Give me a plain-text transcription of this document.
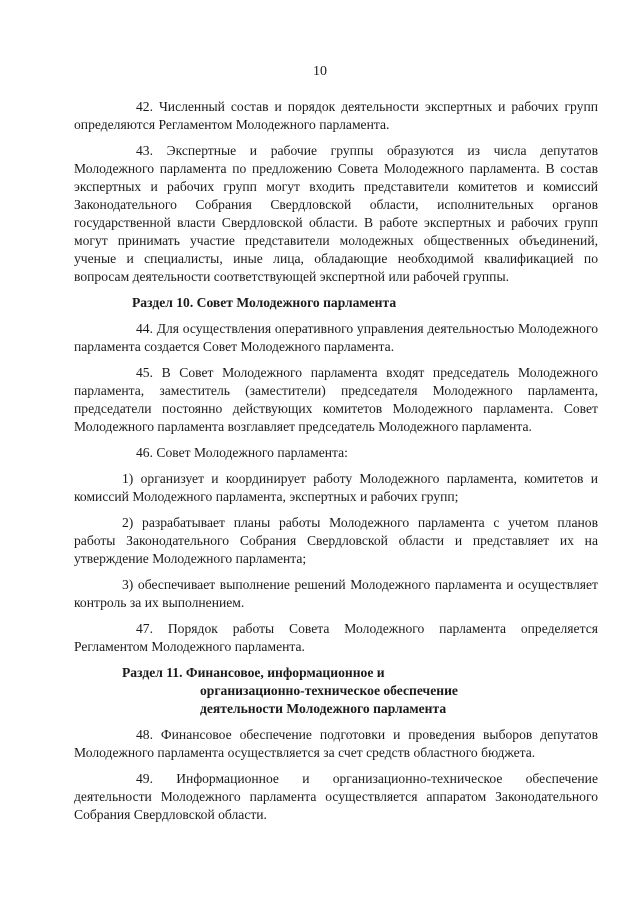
10

42. Численный состав и порядок деятельности экспертных и рабочих групп определяются Регламентом Молодежного парламента.

43. Экспертные и рабочие группы образуются из числа депутатов Молодежного парламента по предложению Совета Молодежного парламента. В состав экспертных и рабочих групп могут входить представители комитетов и комиссий Законодательного Собрания Свердловской области, исполнительных органов государственной власти Свердловской области. В работе экспертных и рабочих групп могут принимать участие представители молодежных общественных объединений, ученые и специалисты, иные лица, обладающие необходимой квалификацией по вопросам деятельности соответствующей экспертной или рабочей группы.

Раздел 10. Совет Молодежного парламента

44. Для осуществления оперативного управления деятельностью Молодежного парламента создается Совет Молодежного парламента.

45. В Совет Молодежного парламента входят председатель Молодежного парламента, заместитель (заместители) председателя Молодежного парламента, председатели постоянно действующих комитетов Молодежного парламента. Совет Молодежного парламента возглавляет председатель Молодежного парламента.

46. Совет Молодежного парламента:

1) организует и координирует работу Молодежного парламента, комитетов и комиссий Молодежного парламента, экспертных и рабочих групп;

2) разрабатывает планы работы Молодежного парламента с учетом планов работы Законодательного Собрания Свердловской области и представляет их на утверждение Молодежного парламента;

3) обеспечивает выполнение решений Молодежного парламента и осуществляет контроль за их выполнением.

47. Порядок работы Совета Молодежного парламента определяется Регламентом Молодежного парламента.

Раздел 11. Финансовое, информационное и
организационно-техническое обеспечение
деятельности Молодежного парламента

48. Финансовое обеспечение подготовки и проведения выборов депутатов Молодежного парламента осуществляется за счет средств областного бюджета.

49. Информационное и организационно-техническое обеспечение деятельности Молодежного парламента осуществляется аппаратом Законодательного Собрания Свердловской области.
